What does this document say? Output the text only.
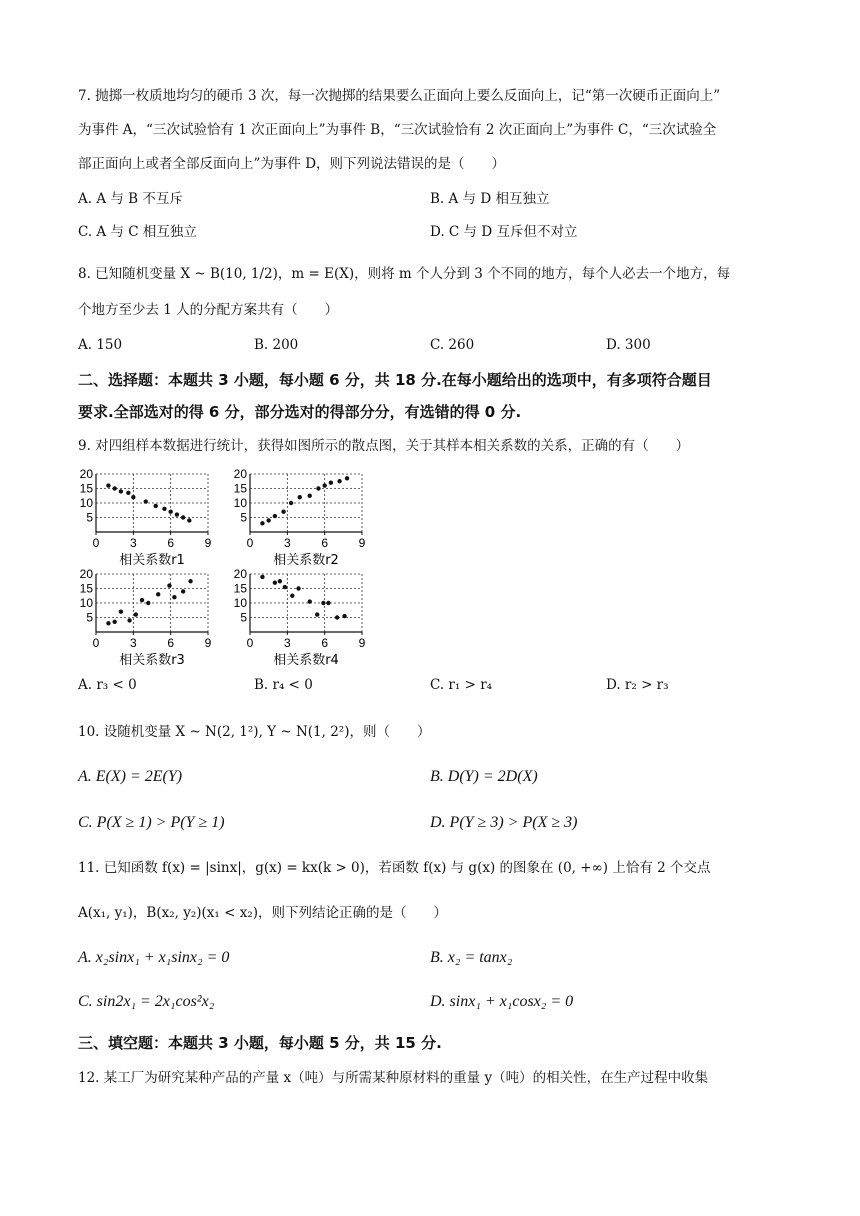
7. 抛掷一枚质地均匀的硬币 3 次，每一次抛掷的结果要么正面向上要么反面向上，记“第一次硬币正面向上”
为事件 A，“三次试验恰有 1 次正面向上”为事件 B，“三次试验恰有 2 次正面向上”为事件 C，“三次试验全
部正面向上或者全部反面向上”为事件 D，则下列说法错误的是（　　）
A. A 与 B 不互斥	B. A 与 D 相互独立
C. A 与 C 相互独立	D. C 与 D 互斥但不对立
8. 已知随机变量 X ~ B(10, 1/2)，m = E(X)，则将 m 个人分到 3 个不同的地方，每个人必去一个地方，每
个地方至少去 1 人的分配方案共有（　　）
A. 150	B. 200	C. 260	D. 300
二、选择题：本题共 3 小题，每小题 6 分，共 18 分.在每小题给出的选项中，有多项符合题目
要求.全部选对的得 6 分，部分选对的得部分分，有选错的得 0 分.
9. 对四组样本数据进行统计，获得如图所示的散点图，关于其样本相关系数的关系，正确的有（　　）
5
10
15
20
0	3	6	9
相关系数r1
5
10
15
20
0	3	6	9
相关系数r2
5
10
15
20
0	3	6	9
相关系数r3
5
10
15
20
0	3	6	9
相关系数r4
A. r₃ < 0	B. r₄ < 0	C. r₁ > r₄	D. r₂ > r₃
10. 设随机变量 X ~ N(2, 1²), Y ~ N(1, 2²)，则（　　）
A. E(X) = 2E(Y)	B. D(Y) = 2D(X)
C. P(X ≥ 1) > P(Y ≥ 1)	D. P(Y ≥ 3) > P(X ≥ 3)
11. 已知函数 f(x) = |sinx|，g(x) = kx(k > 0)，若函数 f(x) 与 g(x) 的图象在 (0, +∞) 上恰有 2 个交点
A(x₁, y₁)，B(x₂, y₂)(x₁ < x₂)，则下列结论正确的是（　　）
A. x₂sinx₁ + x₁sinx₂ = 0	B. x₂ = tanx₂
C. sin2x₁ = 2x₁cos²x₂	D. sinx₁ + x₁cosx₂ = 0
三、填空题：本题共 3 小题，每小题 5 分，共 15 分.
12. 某工厂为研究某种产品的产量 x（吨）与所需某种原材料的重量 y（吨）的相关性，在生产过程中收集
